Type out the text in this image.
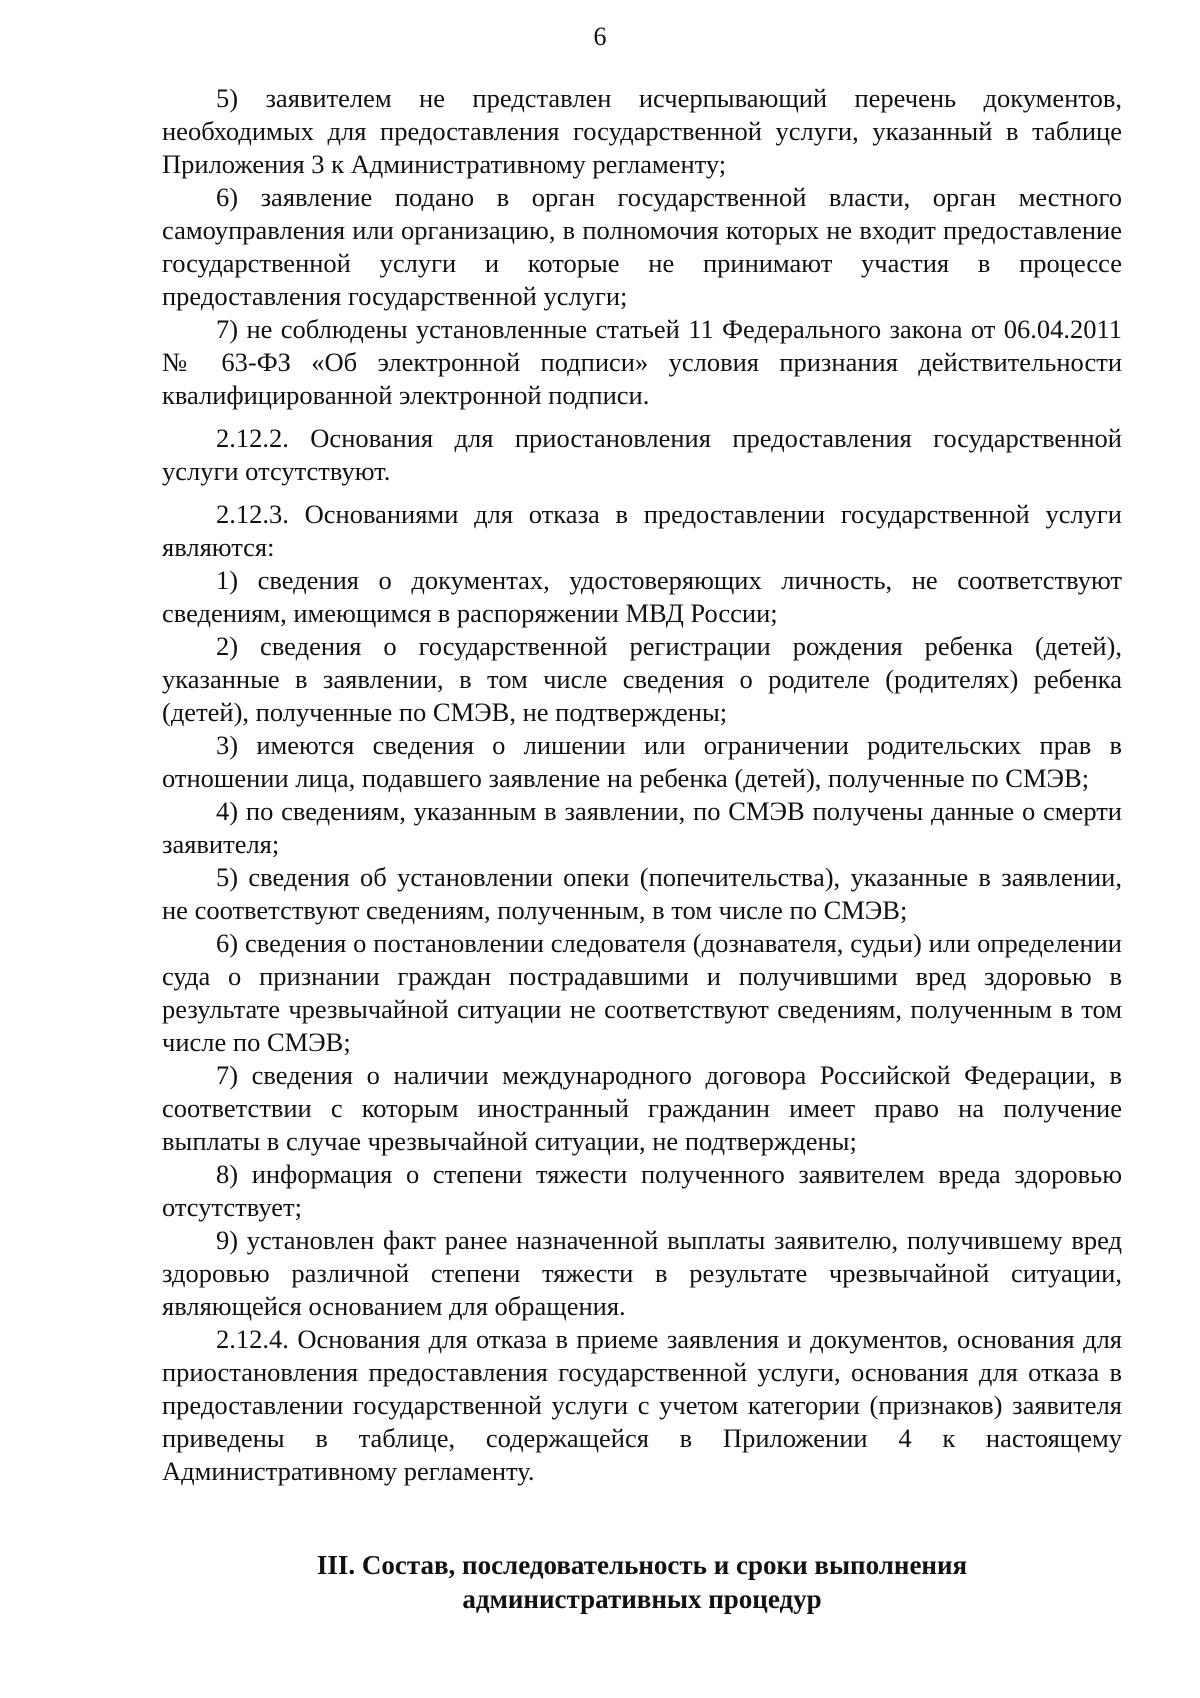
6

5) заявителем не представлен исчерпывающий перечень документов, необходимых для предоставления государственной услуги, указанный в таблице Приложения 3 к Административному регламенту;

6) заявление подано в орган государственной власти, орган местного самоуправления или организацию, в полномочия которых не входит предоставление государственной услуги и которые не принимают участия в процессе предоставления государственной услуги;

7) не соблюдены установленные статьей 11 Федерального закона от 06.04.2011 № 63-ФЗ «Об электронной подписи» условия признания действительности квалифицированной электронной подписи.

2.12.2. Основания для приостановления предоставления государственной услуги отсутствуют.

2.12.3. Основаниями для отказа в предоставлении государственной услуги являются:

1) сведения о документах, удостоверяющих личность, не соответствуют сведениям, имеющимся в распоряжении МВД России;

2) сведения о государственной регистрации рождения ребенка (детей), указанные в заявлении, в том числе сведения о родителе (родителях) ребенка (детей), полученные по СМЭВ, не подтверждены;

3) имеются сведения о лишении или ограничении родительских прав в отношении лица, подавшего заявление на ребенка (детей), полученные по СМЭВ;

4) по сведениям, указанным в заявлении, по СМЭВ получены данные о смерти заявителя;

5) сведения об установлении опеки (попечительства), указанные в заявлении, не соответствуют сведениям, полученным, в том числе по СМЭВ;

6) сведения о постановлении следователя (дознавателя, судьи) или определении суда о признании граждан пострадавшими и получившими вред здоровью в результате чрезвычайной ситуации не соответствуют сведениям, полученным в том числе по СМЭВ;

7) сведения о наличии международного договора Российской Федерации, в соответствии с которым иностранный гражданин имеет право на получение выплаты в случае чрезвычайной ситуации, не подтверждены;

8) информация о степени тяжести полученного заявителем вреда здоровью отсутствует;

9) установлен факт ранее назначенной выплаты заявителю, получившему вред здоровью различной степени тяжести в результате чрезвычайной ситуации, являющейся основанием для обращения.

2.12.4. Основания для отказа в приеме заявления и документов, основания для приостановления предоставления государственной услуги, основания для отказа в предоставлении государственной услуги с учетом категории (признаков) заявителя приведены в таблице, содержащейся в Приложении 4 к настоящему Административному регламенту.

III. Состав, последовательность и сроки выполнения
административных процедур
